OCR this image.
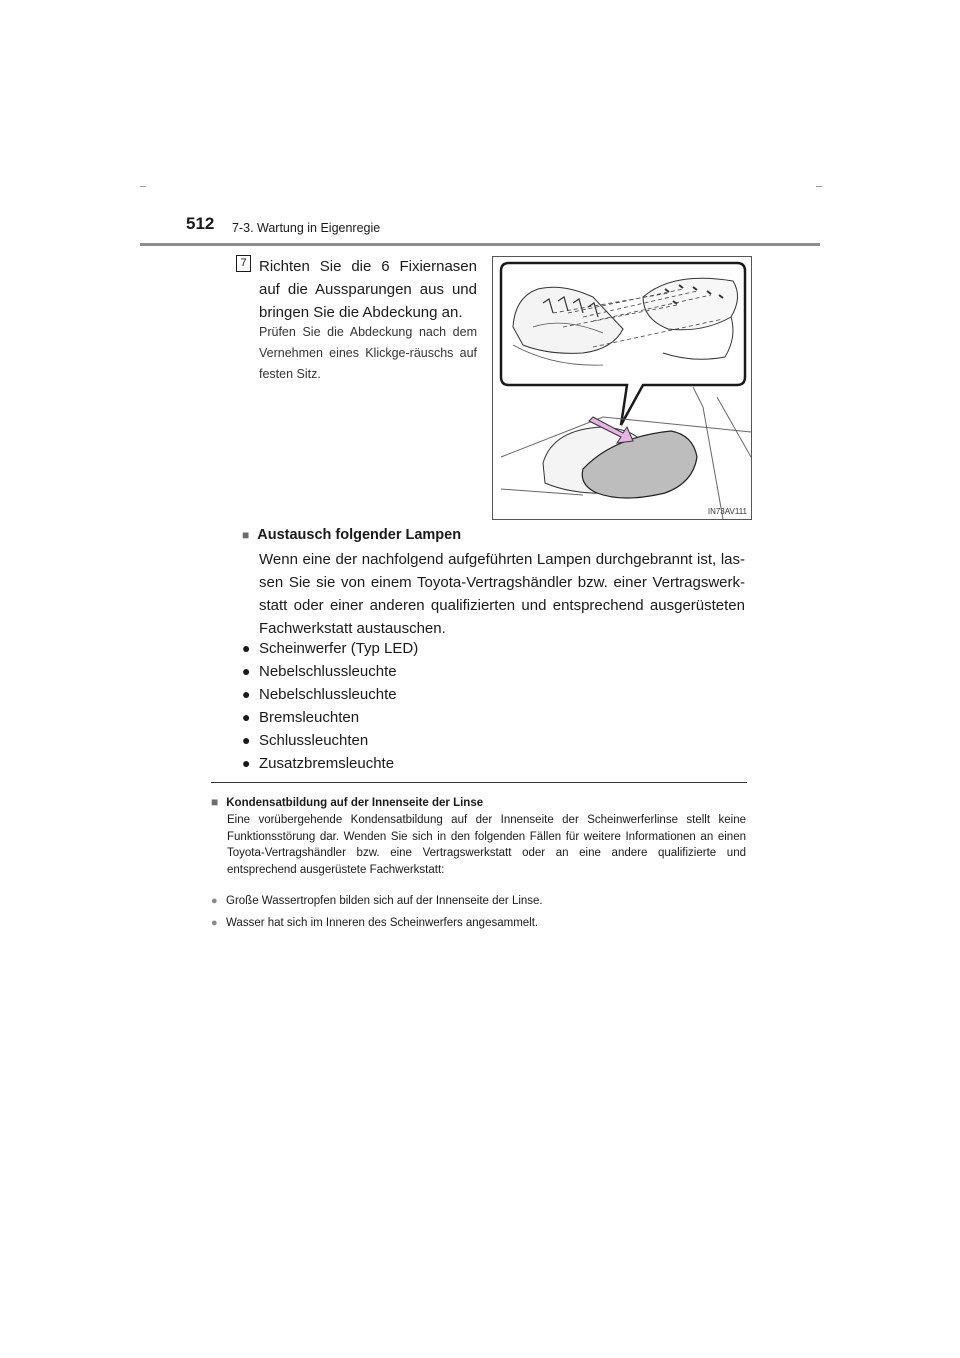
512 7-3. Wartung in Eigenregie
7 Richten Sie die 6 Fixiernasen auf die Aussparungen aus und bringen Sie die Abdeckung an.
Prüfen Sie die Abdeckung nach dem Vernehmen eines Klickge-räuschs auf festen Sitz.
IN73AV111
■ Austausch folgender Lampen
Wenn eine der nachfolgend aufgeführten Lampen durchgebrannt ist, las-sen Sie sie von einem Toyota-Vertragshändler bzw. einer Vertragswerk-statt oder einer anderen qualifizierten und entsprechend ausgerüsteten Fachwerkstatt austauschen.
● Scheinwerfer (Typ LED)
● Nebelschlussleuchte
● Nebelschlussleuchte
● Bremsleuchten
● Schlussleuchten
● Zusatzbremsleuchte
■ Kondensatbildung auf der Innenseite der Linse
Eine vorübergehende Kondensatbildung auf der Innenseite der Scheinwerferlinse stellt keine Funktionsstörung dar. Wenden Sie sich in den folgenden Fällen für weitere Informationen an einen Toyota-Vertragshändler bzw. eine Vertragswerkstatt oder an eine andere qualifizierte und entsprechend ausgerüstete Fachwerkstatt:
● Große Wassertropfen bilden sich auf der Innenseite der Linse.
● Wasser hat sich im Inneren des Scheinwerfers angesammelt.
